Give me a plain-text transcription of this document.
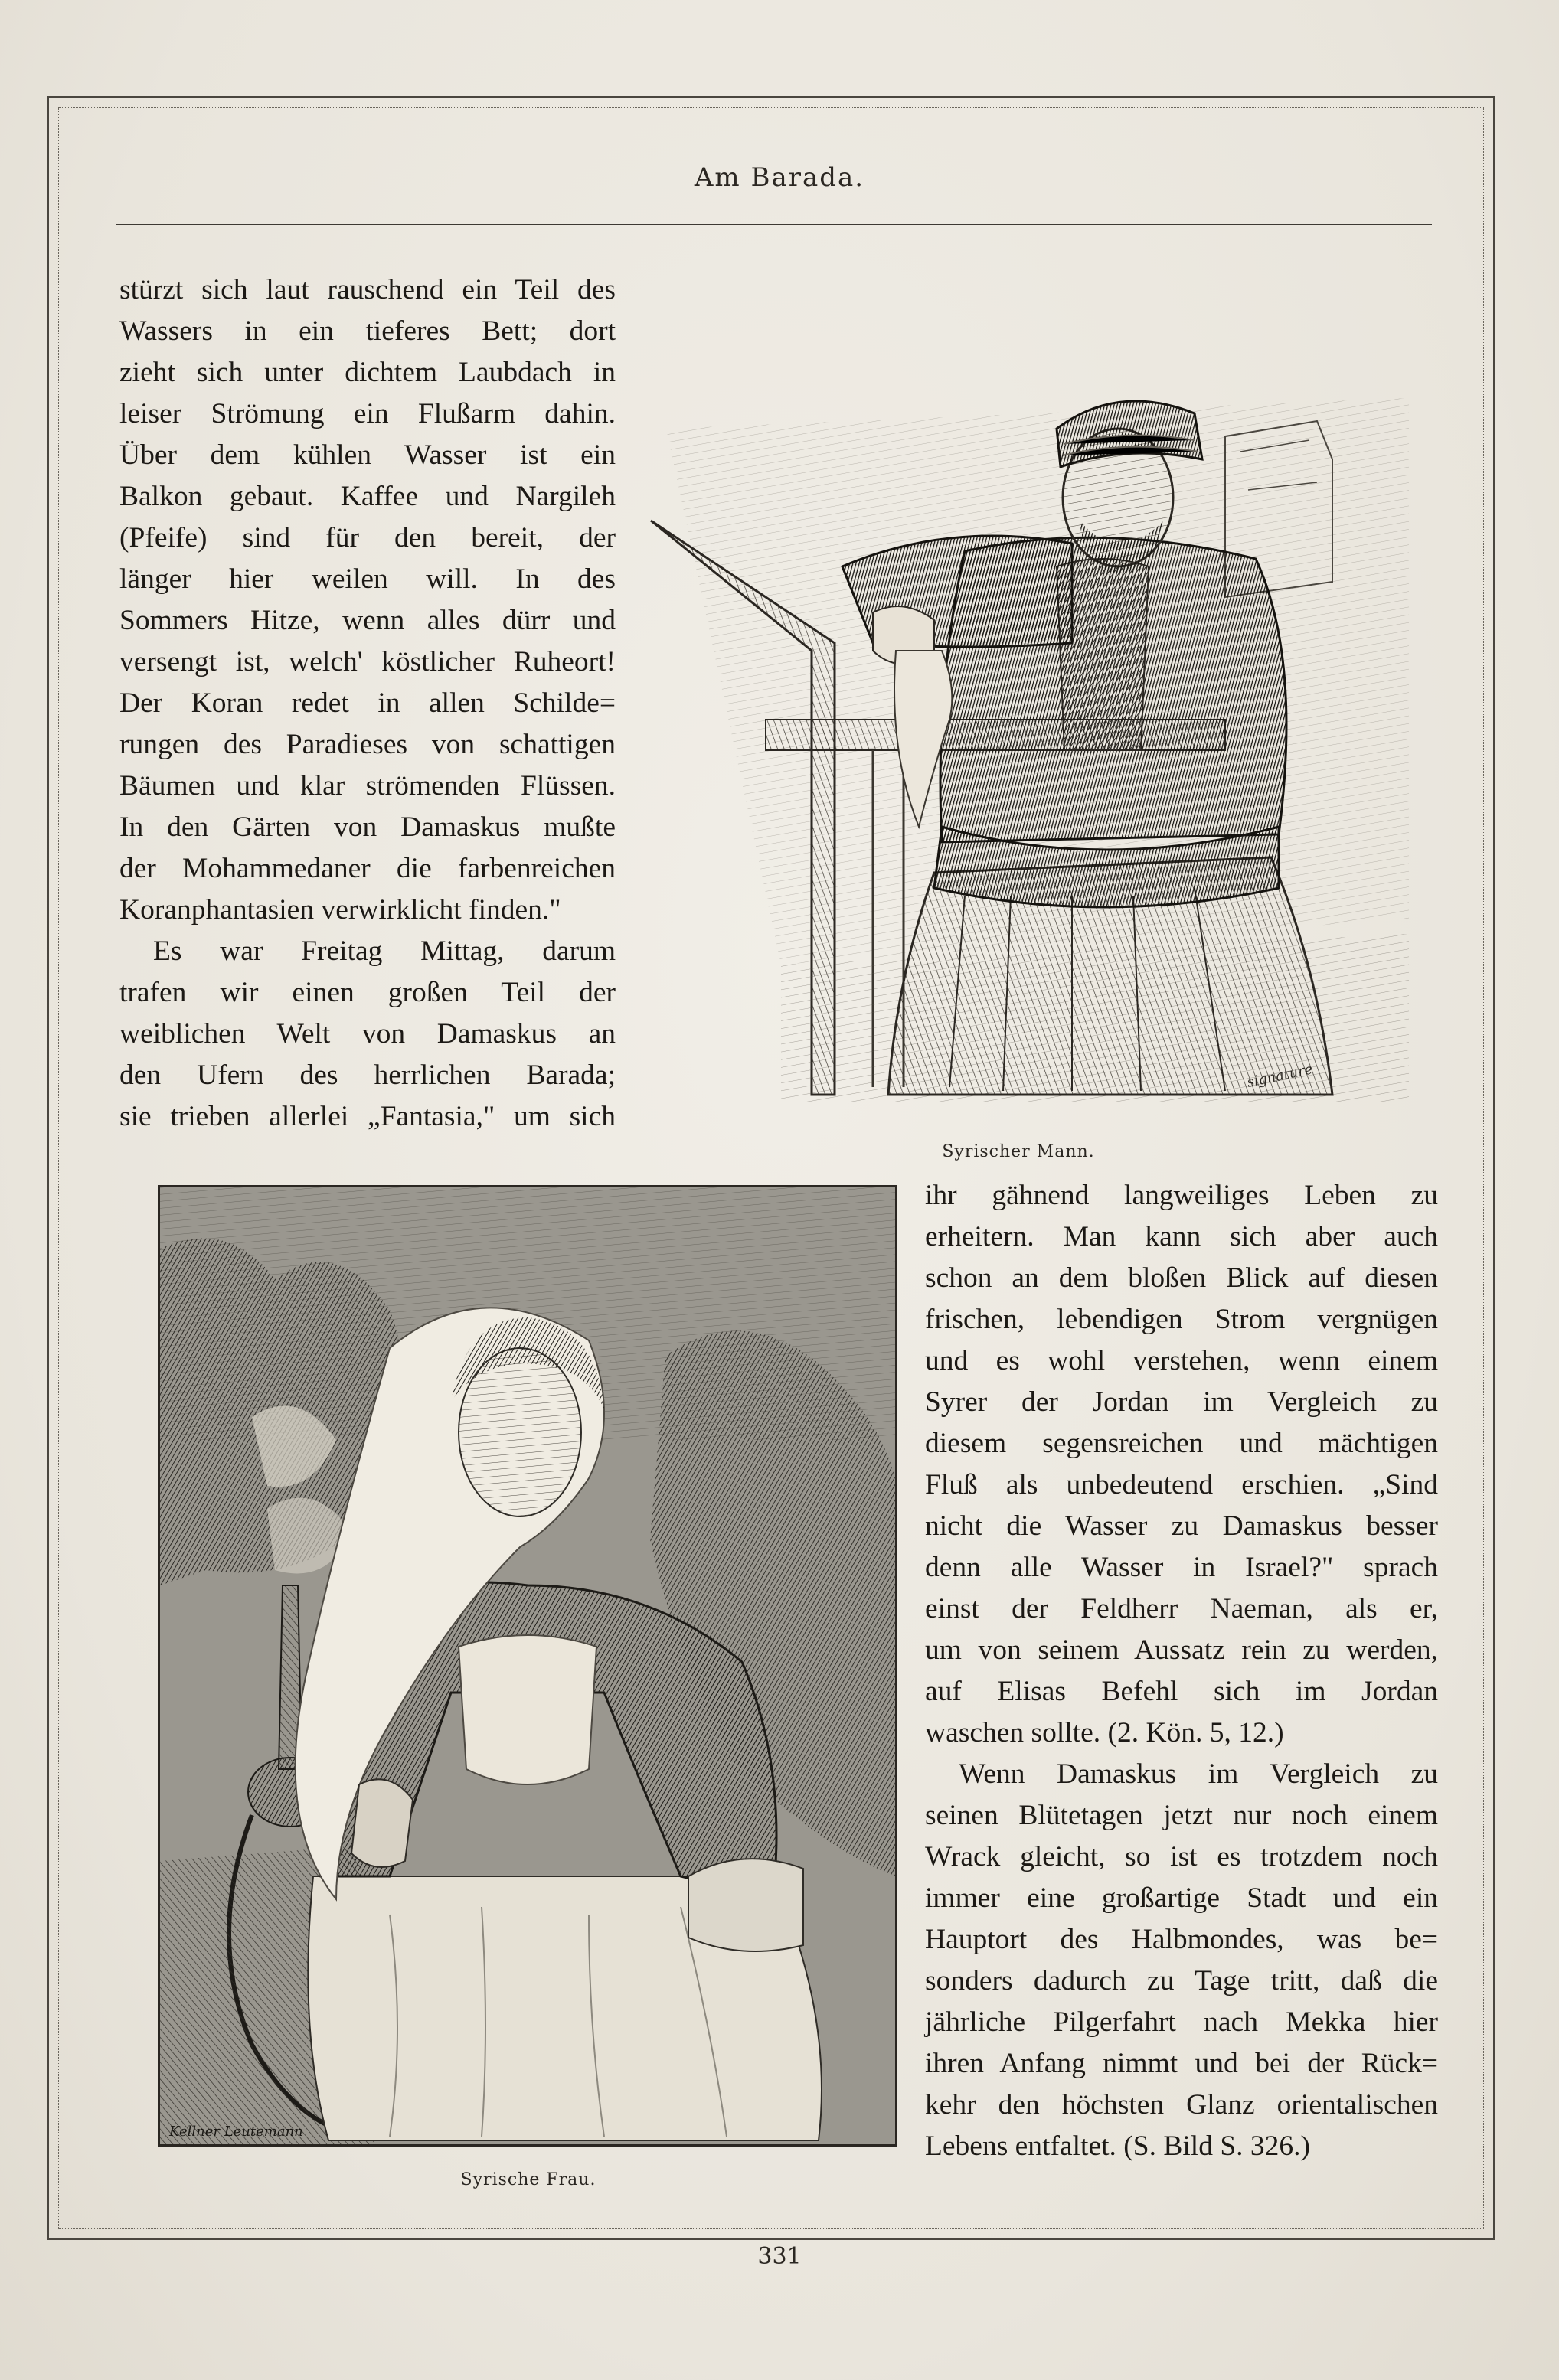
Am Barada.
stürzt sich laut rauschend ein Teil des
Wassers in ein tieferes Bett; dort
zieht sich unter dichtem Laubdach in
leiser Strömung ein Flußarm dahin.
Über dem kühlen Wasser ist ein
Balkon gebaut. Kaffee und Nargileh
(Pfeife) sind für den bereit, der
länger hier weilen will. In des
Sommers Hitze, wenn alles dürr und
versengt ist, welch' köstlicher Ruheort!
Der Koran redet in allen Schilde=
rungen des Paradieses von schattigen
Bäumen und klar strömenden Flüssen.
In den Gärten von Damaskus mußte
der Mohammedaner die farbenreichen
Koranphantasien verwirklicht finden."
Es war Freitag Mittag, darum
trafen wir einen großen Teil der
weiblichen Welt von Damaskus an
den Ufern des herrlichen Barada;
sie trieben allerlei „Fantasia," um sich
signature
Syrischer Mann.
Kellner Leutemann
Syrische Frau.
ihr gähnend langweiliges Leben zu
erheitern. Man kann sich aber auch
schon an dem bloßen Blick auf diesen
frischen, lebendigen Strom vergnügen
und es wohl verstehen, wenn einem
Syrer der Jordan im Vergleich zu
diesem segensreichen und mächtigen
Fluß als unbedeutend erschien. „Sind
nicht die Wasser zu Damaskus besser
denn alle Wasser in Israel?" sprach
einst der Feldherr Naeman, als er,
um von seinem Aussatz rein zu werden,
auf Elisas Befehl sich im Jordan
waschen sollte. (2. Kön. 5, 12.)
Wenn Damaskus im Vergleich zu
seinen Blütetagen jetzt nur noch einem
Wrack gleicht, so ist es trotzdem noch
immer eine großartige Stadt und ein
Hauptort des Halbmondes, was be=
sonders dadurch zu Tage tritt, daß die
jährliche Pilgerfahrt nach Mekka hier
ihren Anfang nimmt und bei der Rück=
kehr den höchsten Glanz orientalischen
Lebens entfaltet. (S. Bild S. 326.)
331
